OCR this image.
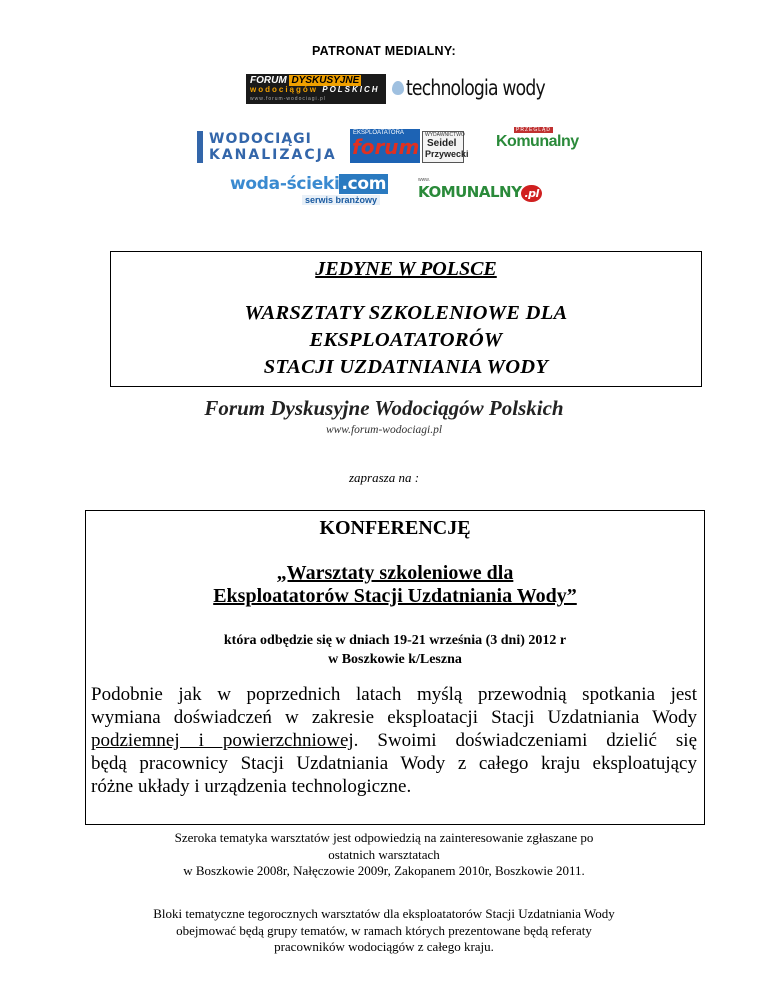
PATRONAT MEDIALNY:
FORUM DYSKUSYJNE
wodociągów POLSKICH
www.forum-wodociagi.pl	technologia wody
WODOCIĄGI
KANALIZACJA
EKSPLOATATORA
forum WYDAWNICTWO
Seidel
Przywecki
PRZEGLĄD
Komunalny
woda-ścieki .com
serwis branżowy
www.
KOMUNALNY .pl
JEDYNE W POLSCE
WARSZTATY SZKOLENIOWE DLA
EKSPLOATATORÓW
STACJI UZDATNIANIA WODY
Forum Dyskusyjne Wodociągów Polskich
www.forum-wodociagi.pl
zaprasza na :
KONFERENCJĘ
„Warsztaty szkoleniowe dla
Eksploatatorów Stacji Uzdatniania Wody”
która odbędzie się w dniach 19-21 września (3 dni) 2012 r
w Boszkowie k/Leszna
Podobnie jak w poprzednich latach myślą przewodnią spotkania jest
wymiana doświadczeń w zakresie eksploatacji Stacji Uzdatniania Wody
podziemnej i powierzchniowej. Swoimi doświadczeniami dzielić się
będą pracownicy Stacji Uzdatniania Wody z całego kraju eksploatujący
różne układy i urządzenia technologiczne.
Szeroka tematyka warsztatów jest odpowiedzią na zainteresowanie zgłaszane po
ostatnich warsztatach
w Boszkowie 2008r, Nałęczowie 2009r, Zakopanem 2010r, Boszkowie 2011.
Bloki tematyczne tegorocznych warsztatów dla eksploatatorów Stacji Uzdatniania Wody
obejmować będą grupy tematów, w ramach których prezentowane będą referaty
pracowników wodociągów z całego kraju.
